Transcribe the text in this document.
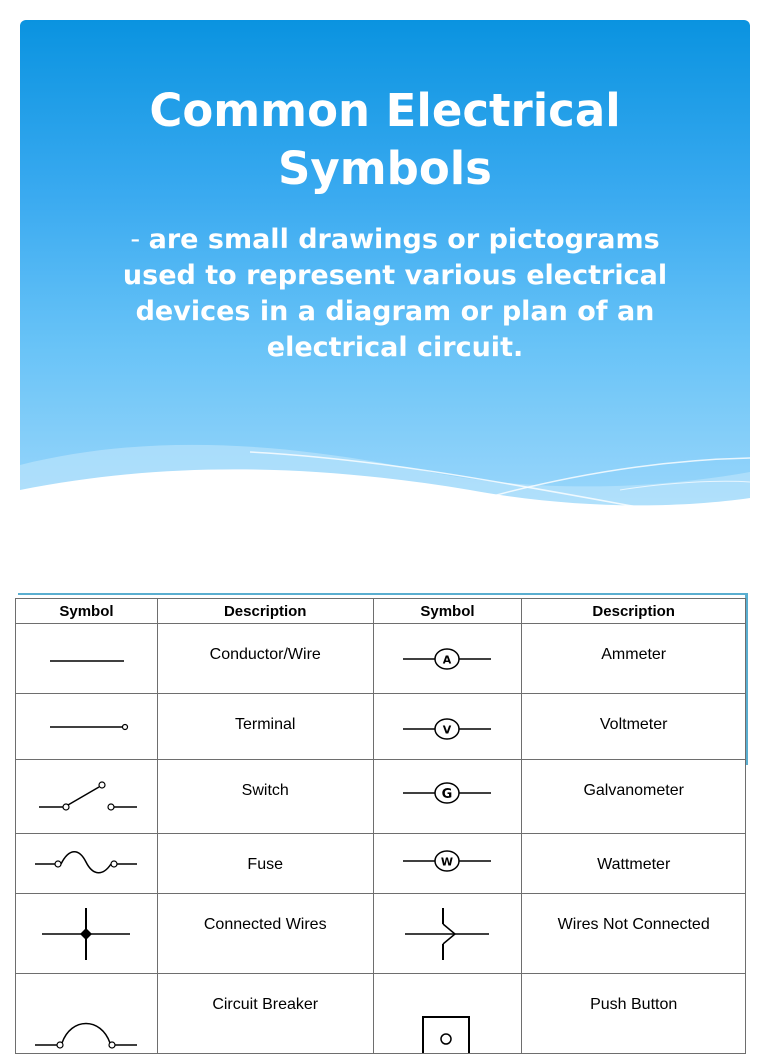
Common Electrical
Symbols

- are small drawings or pictograms used to represent various electrical devices in a diagram or plan of an electrical circuit.

Symbol	Description	Symbol	Description

	Conductor/Wire	A	Ammeter

	Terminal	V	Voltmeter

	Switch	G	Galvanometer

	Fuse	W	Wattmeter

	Connected Wires		Wires Not Connected

	Circuit Breaker		Push Button
